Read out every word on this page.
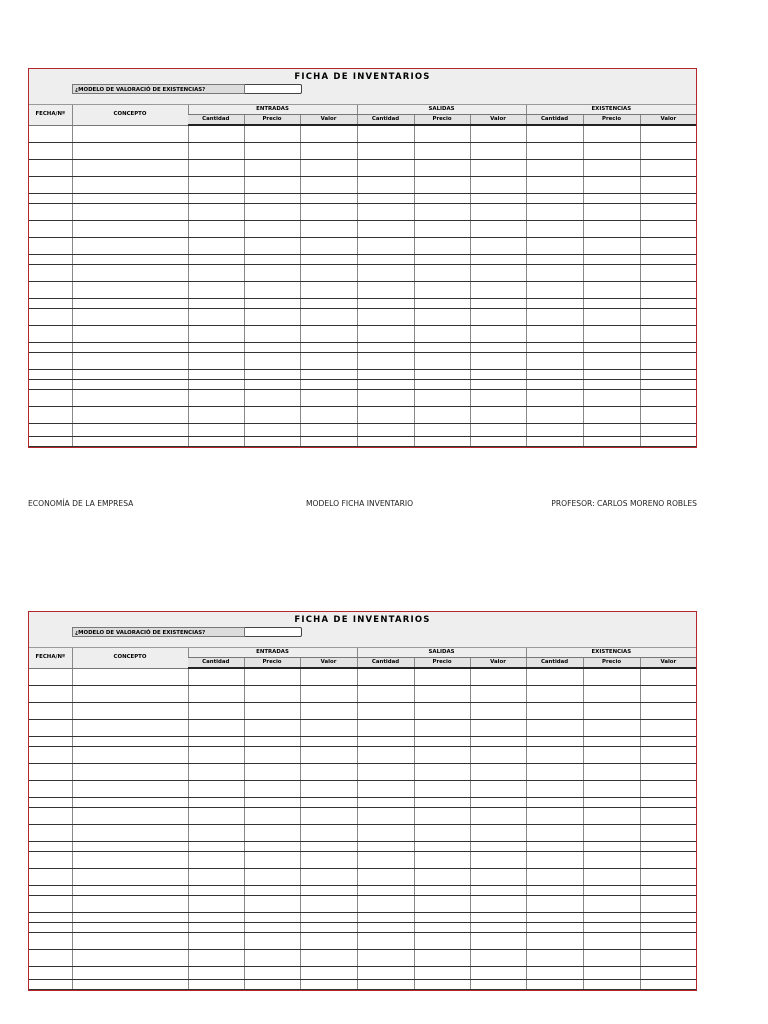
FICHA DE INVENTARIOS
¿MODELO DE VALORACIÓ DE EXISTENCIAS?
FECHA/Nº	CONCEPTO	ENTRADAS			SALIDAS			EXISTENCIAS		
		Cantidad	Precio	Valor	Cantidad	Precio	Valor	Cantidad	Precio	Valor

ECONOMÍA DE LA EMPRESA	MODELO FICHA INVENTARIO	PROFESOR: CARLOS MORENO ROBLES
FICHA DE INVENTARIOS
¿MODELO DE VALORACIÓ DE EXISTENCIAS?
FECHA/Nº	CONCEPTO	ENTRADAS			SALIDAS			EXISTENCIAS		
		Cantidad	Precio	Valor	Cantidad	Precio	Valor	Cantidad	Precio	Valor
